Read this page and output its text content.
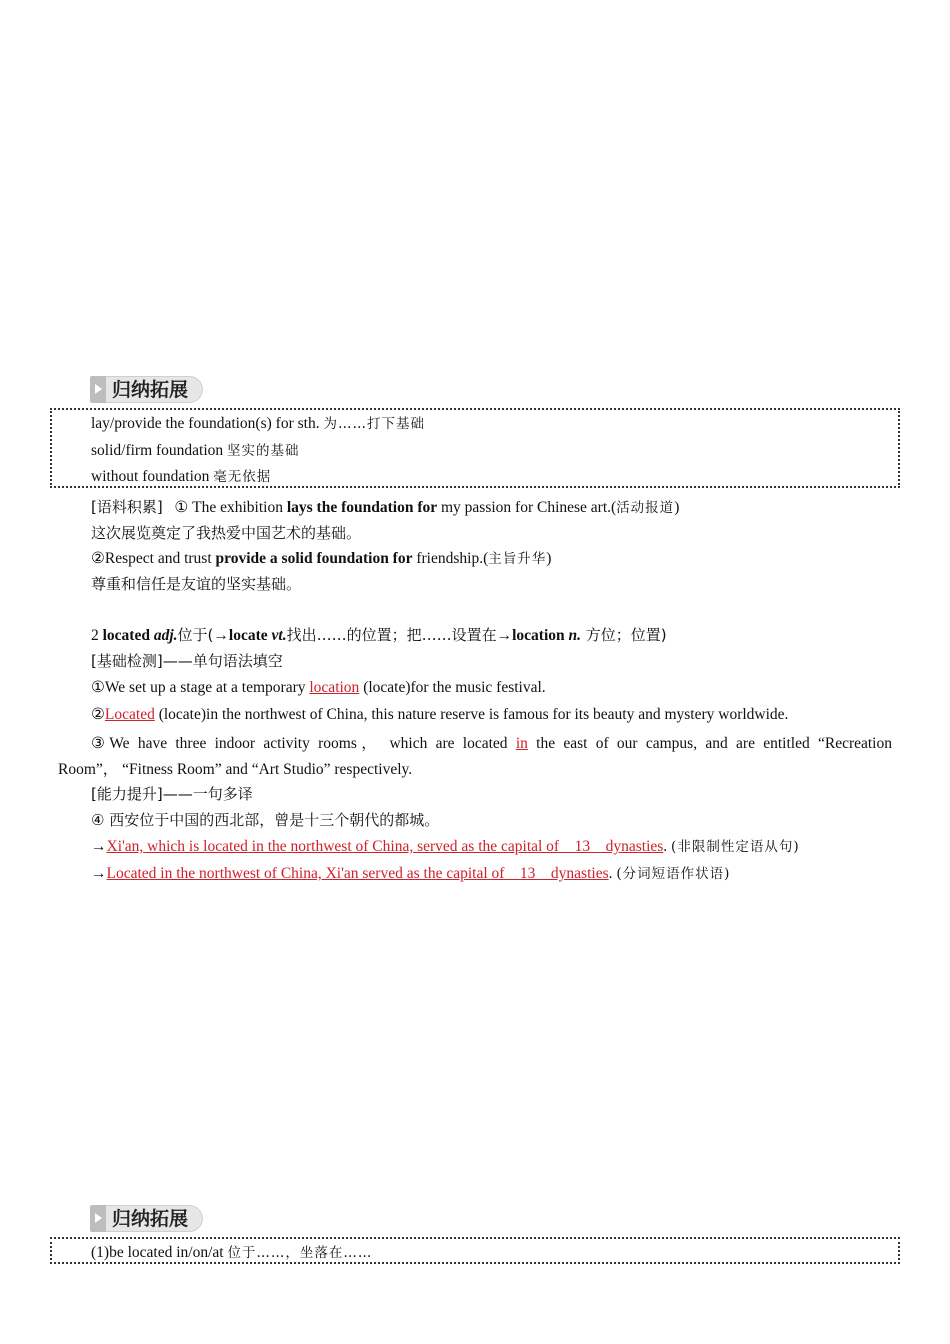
归纳拓展
lay/provide the foundation(s) for sth. 为……打下基础
solid/firm foundation 坚实的基础
without foundation 毫无依据
[语料积累] ① The exhibition lays the foundation for my passion for Chinese art.(活动报道)
这次展览奠定了我热爱中国艺术的基础。
②Respect and trust provide a solid foundation for friendship.(主旨升华)
尊重和信任是友谊的坚实基础。
2 located adj.位于(→locate vt.找出……的位置；把……设置在→location n. 方位；位置)
[基础检测]——单句语法填空
①We set up a stage at a temporary location (locate)for the music festival.
②Located (locate)in the northwest of China, this nature reserve is famous for its beauty and mystery worldwide.
③We have three indoor activity rooms， which are located in the east of our campus, and are entitled “Recreation
Room”， “Fitness Room” and “Art Studio” respectively.
[能力提升]——一句多译
④ 西安位于中国的西北部，曾是十三个朝代的都城。
→Xi'an, which is located in the northwest of China, served as the capital of    13    dynasties. (非限制性定语从句)
→Located in the northwest of China, Xi'an served as the capital of    13    dynasties. (分词短语作状语)
归纳拓展
(1)be located in/on/at 位于……，坐落在……
